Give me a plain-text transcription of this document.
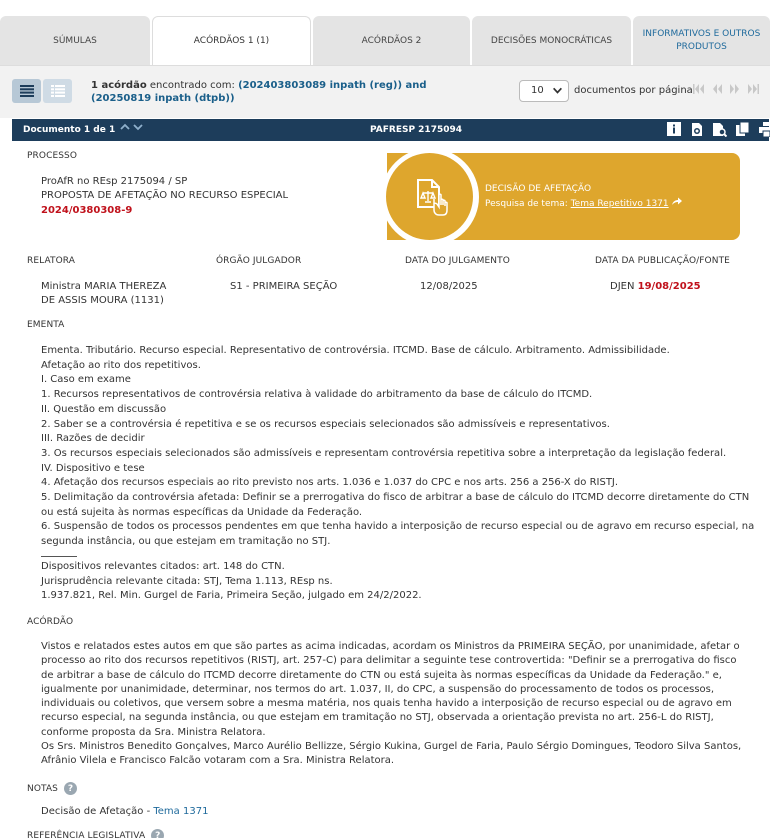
SÚMULAS	ACÓRDÃOS 1 (1)	ACÓRDÃOS 2	DECISÕES MONOCRÁTICAS
INFORMATIVOS E OUTROS PRODUTOS
1 acórdão encontrado com: (202403803089 inpath (reg)) and
(20250819 inpath (dtpb))
10	documentos por página
Documento 1 de 1
	PAFRESP 2175094
PROCESSO
ProAfR no REsp 2175094 / SP
PROPOSTA DE AFETAÇÃO NO RECURSO ESPECIAL
2024/0380308-9
DECISÃO DE AFETAÇÃO
Pesquisa de tema: Tema Repetitivo 1371
RELATORA	ÓRGÃO JULGADOR	DATA DO JULGAMENTO	DATA DA PUBLICAÇÃO/FONTE
Ministra MARIA THEREZA
DE ASSIS MOURA (1131)
S1 - PRIMEIRA SEÇÃO	12/08/2025	DJEN 19/08/2025
EMENTA

Ementa. Tributário. Recurso especial. Representativo de controvérsia. ITCMD. Base de cálculo. Arbitramento. Admissibilidade.

Afetação ao rito dos repetitivos.

I. Caso em exame

1. Recursos representativos de controvérsia relativa à validade do arbitramento da base de cálculo do ITCMD.

II. Questão em discussão

2. Saber se a controvérsia é repetitiva e se os recursos especiais selecionados são admissíveis e representativos.

III. Razões de decidir

3. Os recursos especiais selecionados são admissíveis e representam controvérsia repetitiva sobre a interpretação da legislação federal.

IV. Dispositivo e tese

4. Afetação dos recursos especiais ao rito previsto nos arts. 1.036 e 1.037 do CPC e nos arts. 256 a 256-X do RISTJ.

5. Delimitação da controvérsia afetada: Definir se a prerrogativa do fisco de arbitrar a base de cálculo do ITCMD decorre diretamente do CTN ou está sujeita às normas específicas da Unidade da Federação.

6. Suspensão de todos os processos pendentes em que tenha havido a interposição de recurso especial ou de agravo em recurso especial, na segunda instância, ou que estejam em tramitação no STJ.

Dispositivos relevantes citados: art. 148 do CTN.

Jurisprudência relevante citada: STJ, Tema 1.113, REsp ns.

1.937.821, Rel. Min. Gurgel de Faria, Primeira Seção, julgado em 24/2/2022.

ACÓRDÃO

Vistos e relatados estes autos em que são partes as acima indicadas, acordam os Ministros da PRIMEIRA SEÇÃO, por unanimidade, afetar o

processo ao rito dos recursos repetitivos (RISTJ, art. 257-C) para delimitar a seguinte tese controvertida: "Definir se a prerrogativa do fisco

de arbitrar a base de cálculo do ITCMD decorre diretamente do CTN ou está sujeita às normas específicas da Unidade da Federação." e,

igualmente por unanimidade, determinar, nos termos do art. 1.037, II, do CPC, a suspensão do processamento de todos os processos,

individuais ou coletivos, que versem sobre a mesma matéria, nos quais tenha havido a interposição de recurso especial ou de agravo em

recurso especial, na segunda instância, ou que estejam em tramitação no STJ, observada a orientação prevista no art. 256-L do RISTJ,

conforme proposta da Sra. Ministra Relatora.

Os Srs. Ministros Benedito Gonçalves, Marco Aurélio Bellizze, Sérgio Kukina, Gurgel de Faria, Paulo Sérgio Domingues, Teodoro Silva Santos,

Afrânio Vilela e Francisco Falcão votaram com a Sra. Ministra Relatora.

NOTAS ?
Decisão de Afetação - Tema 1371
REFERÊNCIA LEGISLATIVA ?
